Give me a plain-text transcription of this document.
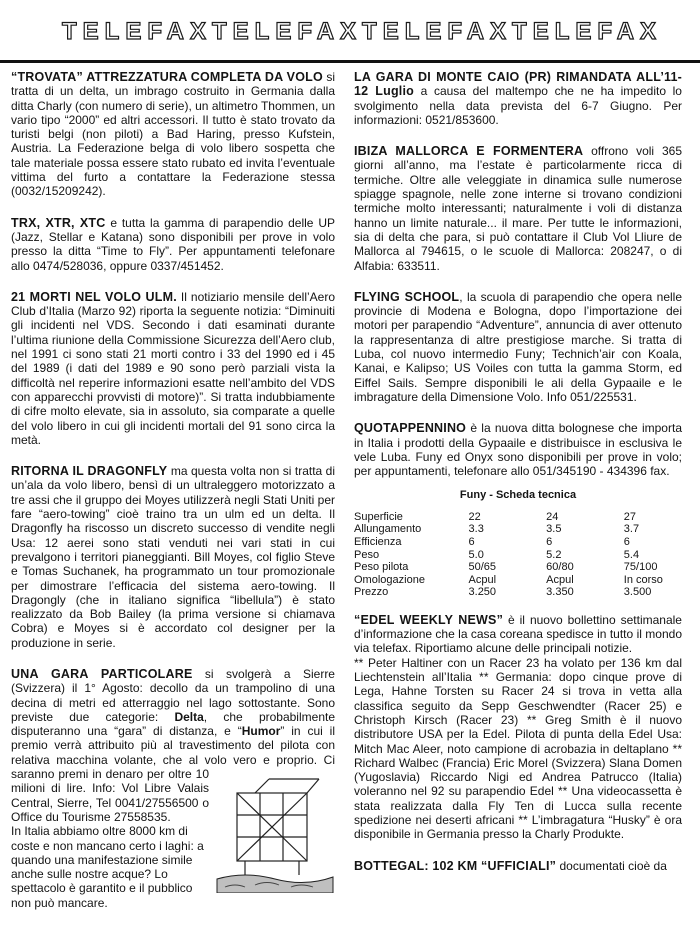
TELEFAX TELEFAX TELEFAX TELEFAX
“TROVATA” ATTREZZATURA COMPLETA DA VOLO si tratta di un delta, un imbrago costruito in Germania dalla ditta Charly (con numero di serie), un altimetro Thommen, un vario tipo “2000” ed altri accessori. Il tutto è stato trovato da turisti belgi (non piloti) a Bad Haring, presso Kufstein, Austria. La Federazione belga di volo libero sospetta che tale materiale possa essere stato rubato ed invita l’eventuale vittima del furto a contattare la Federazione stessa (0032/15209242).
TRX, XTR, XTC e tutta la gamma di parapendio delle UP (Jazz, Stellar e Katana) sono disponibili per prove in volo presso la ditta “Time to Fly”. Per appuntamenti telefonare allo 0474/528036, oppure 0337/451452.
21 MORTI NEL VOLO ULM. Il notiziario mensile dell’Aero Club d’Italia (Marzo 92) riporta la seguente notizia: “Diminuiti gli incidenti nel VDS. Secondo i dati esaminati durante l’ultima riunione della Commissione Sicurezza dell’Aero club, nel 1991 ci sono stati 21 morti contro i 33 del 1990 ed i 45 del 1989 (i dati del 1989 e 90 sono però parziali vista la difficoltà nel reperire informazioni esatte nell’ambito del VDS con apparecchi provvisti di motore)”. Si tratta indubbiamente di cifre molto elevate, sia in assoluto, sia comparate a quelle del volo libero in cui gli incidenti mortali del 91 sono circa la metà.
RITORNA IL DRAGONFLY ma questa volta non si tratta di un’ala da volo libero, bensì di un ultraleggero motorizzato a tre assi che il gruppo dei Moyes utilizzerà negli Stati Uniti per fare “aero-towing” cioè traino tra un ulm ed un delta. Il Dragonfly ha riscosso un discreto successo di vendite negli Usa: 12 aerei sono stati venduti nei vari stati in cui prevalgono i territori pianeggianti. Bill Moyes, col figlio Steve e Tomas Suchanek, ha programmato un tour promozionale per dimostrare l’efficacia del sistema aero-towing. Il Dragongly (che in italiano significa “libellula”) è stato realizzato da Bob Bailey (la prima versione si chiamava Cobra) e Moyes si è accordato col designer per la produzione in serie.
UNA GARA PARTICOLARE si svolgerà a Sierre (Svizzera) il 1° Agosto: decollo da un trampolino di una decina di metri ed atterraggio nel lago sottostante. Sono previste due categorie: Delta, che probabilmente disputeranno una “gara” di distanza, e “Humor” in cui il premio verrà attribuito più al travestimento del pilota con relativa macchina volante, che al volo vero e proprio. Ci saranno premi in denaro per oltre 10 milioni di lire. Info: Vol Libre Valais Central, Sierre, Tel 0041/27556500 o Office du Tourisme 27558535.
In Italia abbiamo oltre 8000 km di coste e non mancano certo i laghi: a quando una manifestazione simile anche sulle nostre acque? Lo spettacolo è garantito e il pubblico non può mancare.
LA GARA DI MONTE CAIO (PR) RIMANDATA ALL’11-12 Luglio a causa del maltempo che ne ha impedito lo svolgimento nella data prevista del 6-7 Giugno. Per informazioni: 0521/853600.
IBIZA MALLORCA E FORMENTERA offrono voli 365 giorni all’anno, ma l’estate è particolarmente ricca di termiche. Oltre alle veleggiate in dinamica sulle numerose spiagge spagnole, nelle zone interne si trovano condizioni termiche molto interessanti; naturalmente i voli di distanza hanno un limite naturale... il mare. Per tutte le informazioni, sia di delta che para, si può contattare il Club Vol Lliure de Mallorca al 794615, o le scuole di Mallorca: 208247, o di Alfabia: 633511.
FLYING SCHOOL, la scuola di parapendio che opera nelle provincie di Modena e Bologna, dopo l’importazione dei motori per parapendio “Adventure”, annuncia di aver ottenuto la rappresentanza di altre prestigiose marche. Si tratta di Luba, col nuovo intermedio Funy; Technich’air con Koala, Kanai, e Kalipso; US Voiles con tutta la gamma Storm, ed Eiffel Sails. Sempre disponibili le ali della Gypaaile e le imbragature della Dimensione Volo. Info 051/225531.
QUOTAPPENNINO è la nuova ditta bolognese che importa in Italia i prodotti della Gypaaile e distribuisce in esclusiva le vele Luba. Funy ed Onyx sono disponibili per prove in volo; per appuntamenti, telefonare allo 051/345190 - 434396 fax.
Funy - Scheda tecnica
Superficie	22	24	27
Allungamento	3.3	3.5	3.7
Efficienza	6	6	6
Peso	5.0	5.2	5.4
Peso pilota	50/65	60/80	75/100
Omologazione	Acpul	Acpul	In corso
Prezzo	3.250	3.350	3.500
“EDEL WEEKLY NEWS” è il nuovo bollettino settimanale d’informazione che la casa coreana spedisce in tutto il mondo via telefax. Riportiamo alcune delle principali notizie.
** Peter Haltiner con un Racer 23 ha volato per 136 km dal Liechtenstein all’Italia ** Germania: dopo cinque prove di Lega, Hahne Torsten su Racer 24 si trova in vetta alla classifica seguito da Sepp Geschwendter (Racer 25) e Christoph Kirsch (Racer 23) ** Greg Smith è il nuovo distributore USA per la Edel. Pilota di punta della Edel Usa: Mitch Mac Aleer, noto campione di acrobazia in deltaplano ** Richard Walbec (Francia) Eric Morel (Svizzera) Slana Domen (Yugoslavia) Riccardo Nigi ed Andrea Patrucco (Italia) voleranno nel 92 su parapendio Edel ** Una videocassetta è stata realizzata dalla Fly Ten di Lucca sulla recente spedizione nei deserti africani ** L’imbragatura “Husky” è ora disponibile in Germania presso la Charly Produkte.
BOTTEGAL: 102 KM “UFFICIALI” documentati cioè da
